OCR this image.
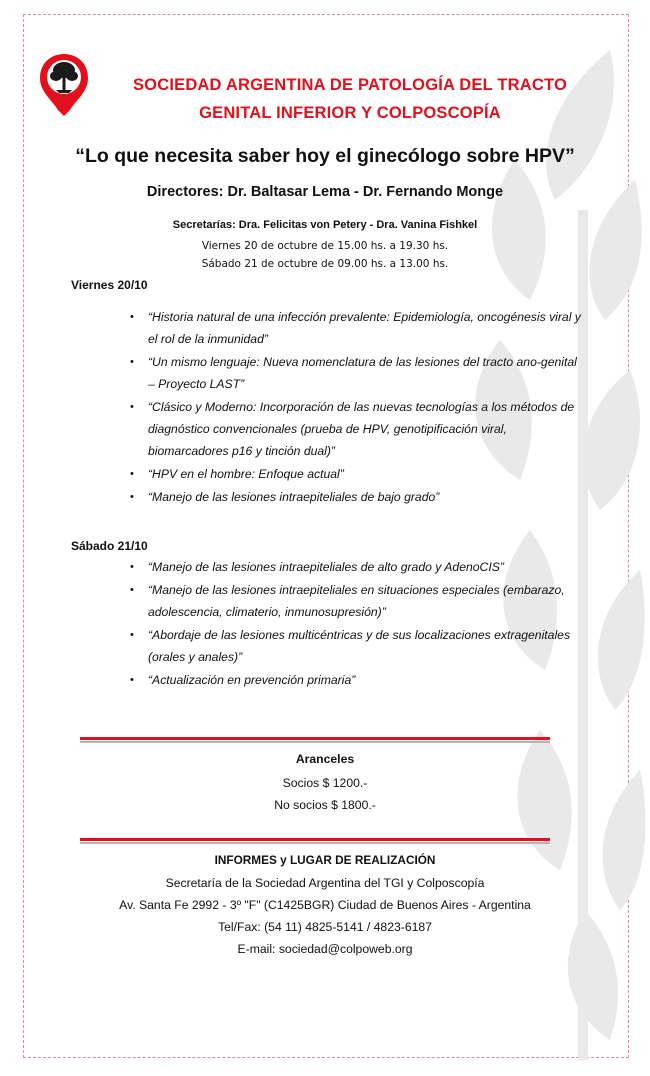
SOCIEDAD ARGENTINA DE PATOLOGÍA DEL TRACTO
GENITAL INFERIOR Y COLPOSCOPÍA
“Lo que necesita saber hoy el ginecólogo sobre HPV”
Directores: Dr. Baltasar Lema - Dr. Fernando Monge
Secretarías: Dra. Felicitas von Petery - Dra. Vanina Fishkel
Viernes 20 de octubre de 15.00 hs. a 19.30 hs.
Sábado 21 de octubre de 09.00 hs. a 13.00 hs.
Viernes 20/10
• “Historia natural de una infección prevalente: Epidemiología, oncogénesis viral y el rol de la inmunidad”
• “Un mismo lenguaje: Nueva nomenclatura de las lesiones del tracto ano-genital – Proyecto LAST”
• “Clásico y Moderno: Incorporación de las nuevas tecnologías a los métodos de diagnóstico convencionales (prueba de HPV, genotipificación viral, biomarcadores p16 y tinción dual)”
• “HPV en el hombre: Enfoque actual”
• “Manejo de las lesiones intraepiteliales de bajo grado”
Sábado 21/10
• “Manejo de las lesiones intraepiteliales de alto grado y AdenoCIS”
• “Manejo de las lesiones intraepiteliales en situaciones especiales (embarazo, adolescencia, climaterio, inmunosupresión)”
• “Abordaje de las lesiones multicéntricas y de sus localizaciones extragenitales (orales y anales)”
• “Actualización en prevención primaria”
Aranceles
Socios $ 1200.-
No socios $ 1800.-
INFORMES y LUGAR DE REALIZACIÓN
Secretaría de la Sociedad Argentina del TGI y Colposcopía
Av. Santa Fe 2992 - 3º "F" (C1425BGR) Ciudad de Buenos Aires - Argentina
Tel/Fax: (54 11) 4825-5141 / 4823-6187
E-mail: sociedad@colpoweb.org
